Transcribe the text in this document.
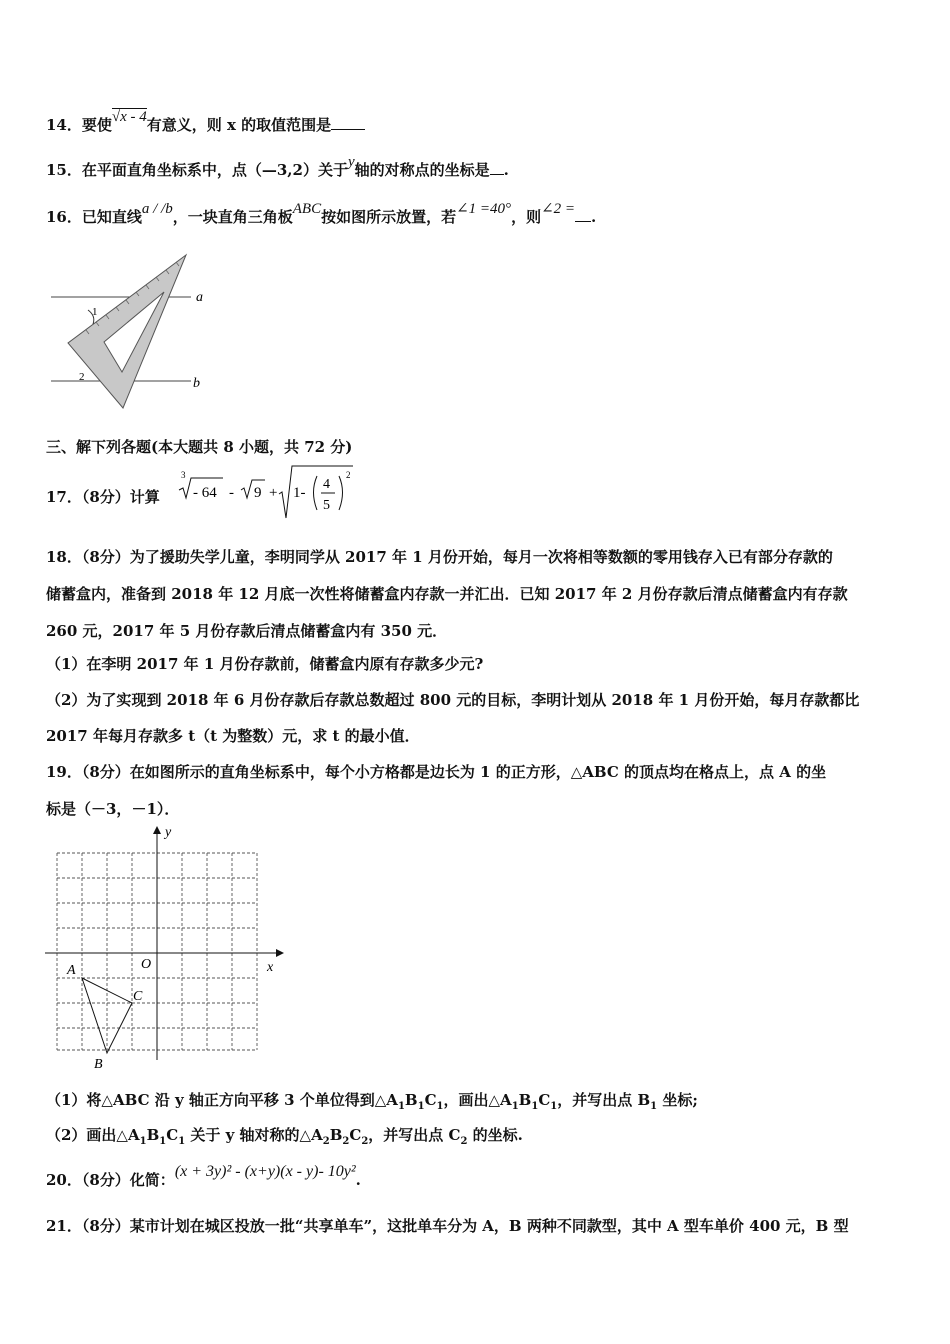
14．要使√x - 4有意义，则 x 的取值范围是
15．在平面直角坐标系中，点（—3,2）关于y轴的对称点的坐标是 .
16．已知直线a / /b，一块直角三角板ABC按如图所示放置，若∠1 =40°，则∠2 = .
1
2
a
b
三、解下列各题(本大题共 8 小题，共 72 分)
17．（8分）计算
3
- 64 - 9 + 1-
4
5
2
18．（8分）为了援助失学儿童，李明同学从 2017 年 1 月份开始，每月一次将相等数额的零用钱存入已有部分存款的
储蓄盒内，准备到 2018 年 12 月底一次性将储蓄盒内存款一并汇出．已知 2017 年 2 月份存款后清点储蓄盒内有存款
260 元，2017 年 5 月份存款后清点储蓄盒内有 350 元．
（1）在李明 2017 年 1 月份存款前，储蓄盒内原有存款多少元?
（2）为了实现到 2018 年 6 月份存款后存款总数超过 800 元的目标，李明计划从 2018 年 1 月份开始，每月存款都比
2017 年每月存款多 t（t 为整数）元，求 t 的最小值．
19．（8分）在如图所示的直角坐标系中，每个小方格都是边长为 1 的正方形，△ABC 的顶点均在格点上，点 A 的坐
标是（－3，－1）．
y
x
O
A
C
B
（1）将△ABC 沿 y 轴正方向平移 3 个单位得到$\triangle A_1B_1C_1$，画出$\triangle A_1B_1C_1$，并写出点 $B_1$ 坐标;
（2）画出$\triangle A_1B_1C_1$ 关于 y 轴对称的$\triangle A_2B_2C_2$，并写出点 $C_2$ 的坐标.
20．（8分）化简：(x + 3y)² - (x+y)(x - y)- 10y².
21．（8分）某市计划在城区投放一批“共享单车”，这批单车分为 A，B 两种不同款型，其中 A 型车单价 400 元，B 型
